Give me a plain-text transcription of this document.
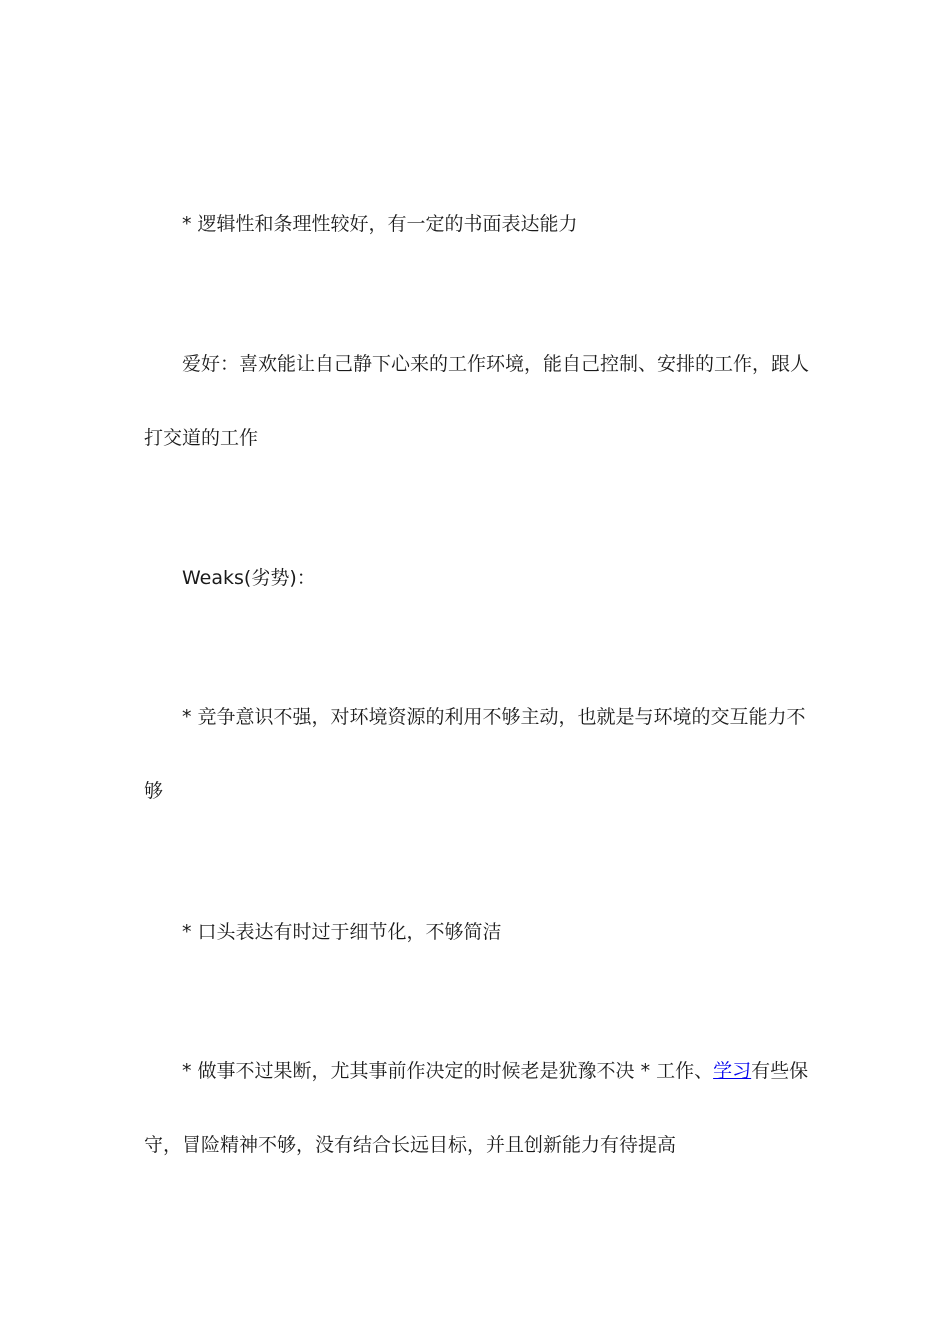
* 逻辑性和条理性较好，有一定的书面表达能力

爱好：喜欢能让自己静下心来的工作环境，能自己控制、安排的工作，跟人打交道的工作

Weaks(劣势)：

* 竞争意识不强，对环境资源的利用不够主动，也就是与环境的交互能力不够

* 口头表达有时过于细节化，不够简洁

* 做事不过果断，尤其事前作决定的时候老是犹豫不决 * 工作、学习有些保守，冒险精神不够，没有结合长远目标，并且创新能力有待提高
